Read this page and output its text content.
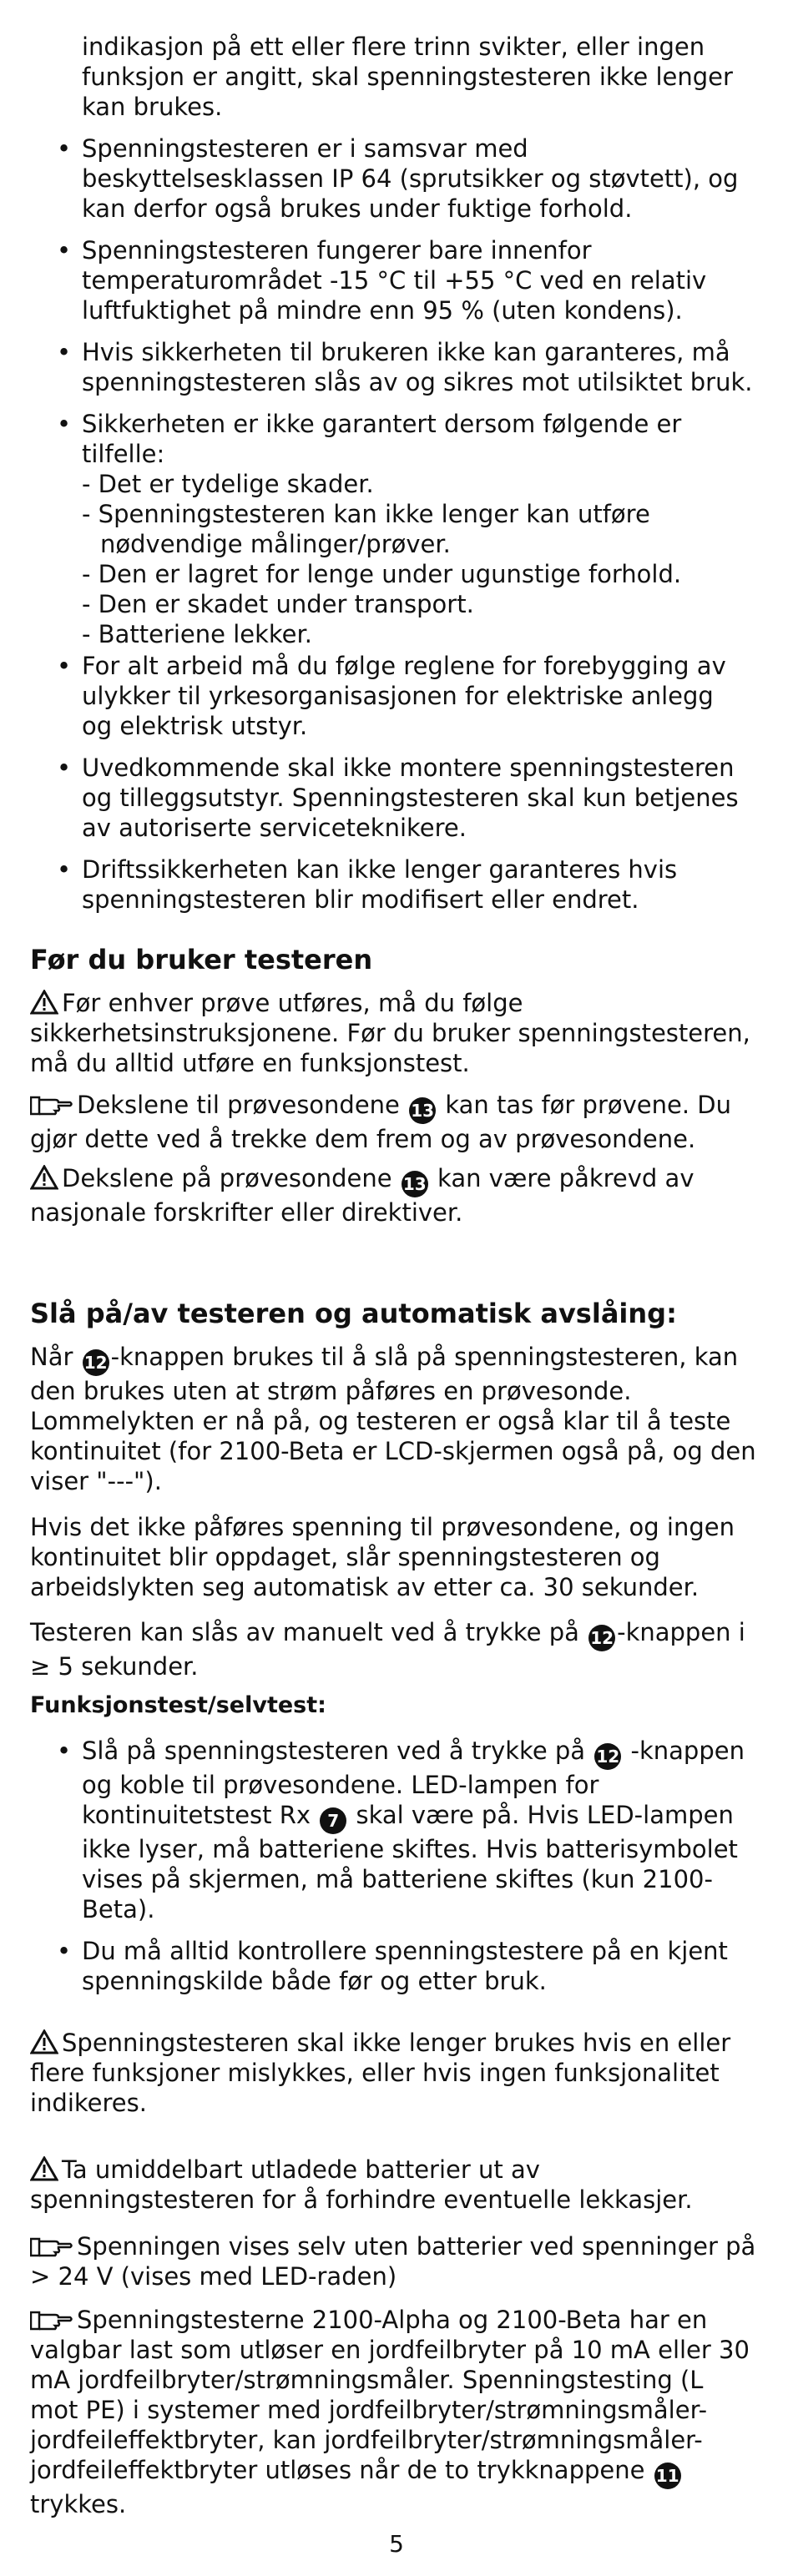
indikasjon på ett eller flere trinn svikter, eller ingen
funksjon er angitt, skal spenningstesteren ikke lenger
kan brukes.
• Spenningstesteren er i samsvar med
beskyttelsesklassen IP 64 (sprutsikker og støvtett), og
kan derfor også brukes under fuktige forhold.
• Spenningstesteren fungerer bare innenfor
temperaturområdet -15 °C til +55 °C ved en relativ
luftfuktighet på mindre enn 95 % (uten kondens).
• Hvis sikkerheten til brukeren ikke kan garanteres, må
spenningstesteren slås av og sikres mot utilsiktet bruk.
• Sikkerheten er ikke garantert dersom følgende er
tilfelle:
- Det er tydelige skader.
- Spenningstesteren kan ikke lenger kan utføre
nødvendige målinger/prøver.
- Den er lagret for lenge under ugunstige forhold.
- Den er skadet under transport.
- Batteriene lekker.
• For alt arbeid må du følge reglene for forebygging av
ulykker til yrkesorganisasjonen for elektriske anlegg
og elektrisk utstyr.
• Uvedkommende skal ikke montere spenningstesteren
og tilleggsutstyr. Spenningstesteren skal kun betjenes
av autoriserte serviceteknikere.
• Driftssikkerheten kan ikke lenger garanteres hvis
spenningstesteren blir modifisert eller endret.
Før du bruker testeren

Før enhver prøve utføres, må du følge sikkerhetsinstruksjonene. Før du bruker spenningstesteren, må du alltid utføre en funksjonstest.

Dekslene til prøvesondene 13 kan tas før prøvene. Du gjør dette ved å trekke dem frem og av prøvesondene.

Dekslene på prøvesondene 13 kan være påkrevd av nasjonale forskrifter eller direktiver.

Slå på/av testeren og automatisk avslåing:

Når 12 -knappen brukes til å slå på spenningstesteren, kan den brukes uten at strøm påføres en prøvesonde. Lommelykten er nå på, og testeren er også klar til å teste kontinuitet (for 2100-Beta er LCD-skjermen også på, og den viser "---").

Hvis det ikke påføres spenning til prøvesondene, og ingen kontinuitet blir oppdaget, slår spenningstesteren og arbeidslykten seg automatisk av etter ca. 30 sekunder.

Testeren kan slås av manuelt ved å trykke på 12 -knappen i ≥ 5 sekunder.

Funksjonstest/selvtest:

• Slå på spenningstesteren ved å trykke på 12 -knappen og koble til prøvesondene. LED-lampen for kontinuitetstest Rx 7 skal være på. Hvis LED-lampen ikke lyser, må batteriene skiftes. Hvis batterisymbolet vises på skjermen, må batteriene skiftes (kun 2100-Beta).
• Du må alltid kontrollere spenningstestere på en kjent spenningskilde både før og etter bruk.

Spenningstesteren skal ikke lenger brukes hvis en eller flere funksjoner mislykkes, eller hvis ingen funksjonalitet indikeres.

Ta umiddelbart utladede batterier ut av spenningstesteren for å forhindre eventuelle lekkasjer.

Spenningen vises selv uten batterier ved spenninger på > 24 V (vises med LED-raden)

Spenningstesterne 2100-Alpha og 2100-Beta har en valgbar last som utløser en jordfeilbryter på 10 mA eller 30 mA jordfeilbryter/strømningsmåler. Spenningstesting (L mot PE) i systemer med jordfeilbryter/strømningsmåler-jordfeileffektbryter, kan jordfeilbryter/strømningsmåler-jordfeileffektbryter utløses når de to trykknappene 11 trykkes.

5
